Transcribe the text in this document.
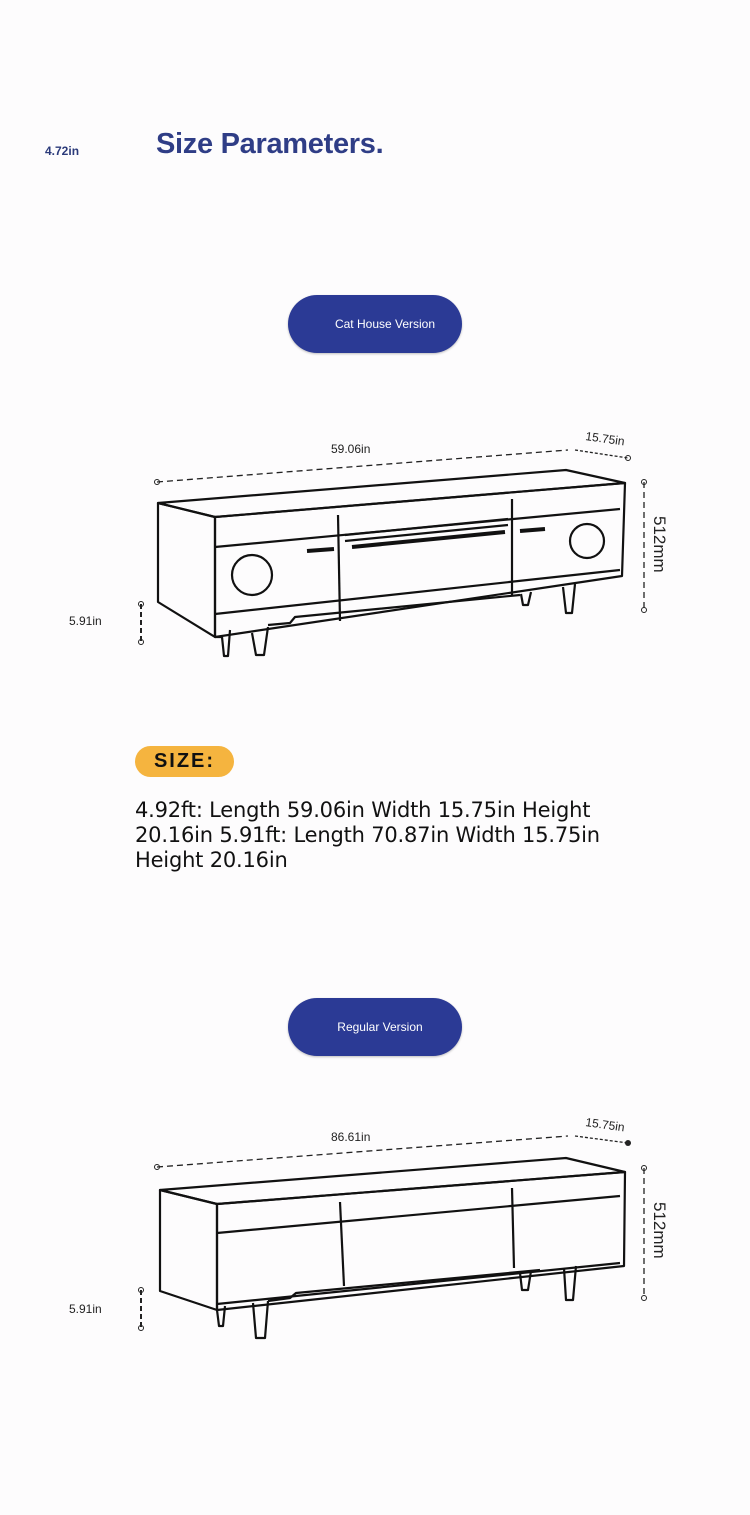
4.72in	Size Parameters.
Cat House Version
59.06in
15.75in
512mm
5.91in
SIZE:
4.92ft: Length 59.06in Width 15.75in Height 20.16in 5.91ft: Length 70.87in Width 15.75in Height 20.16in
Regular Version
86.61in
15.75in
512mm
5.91in
